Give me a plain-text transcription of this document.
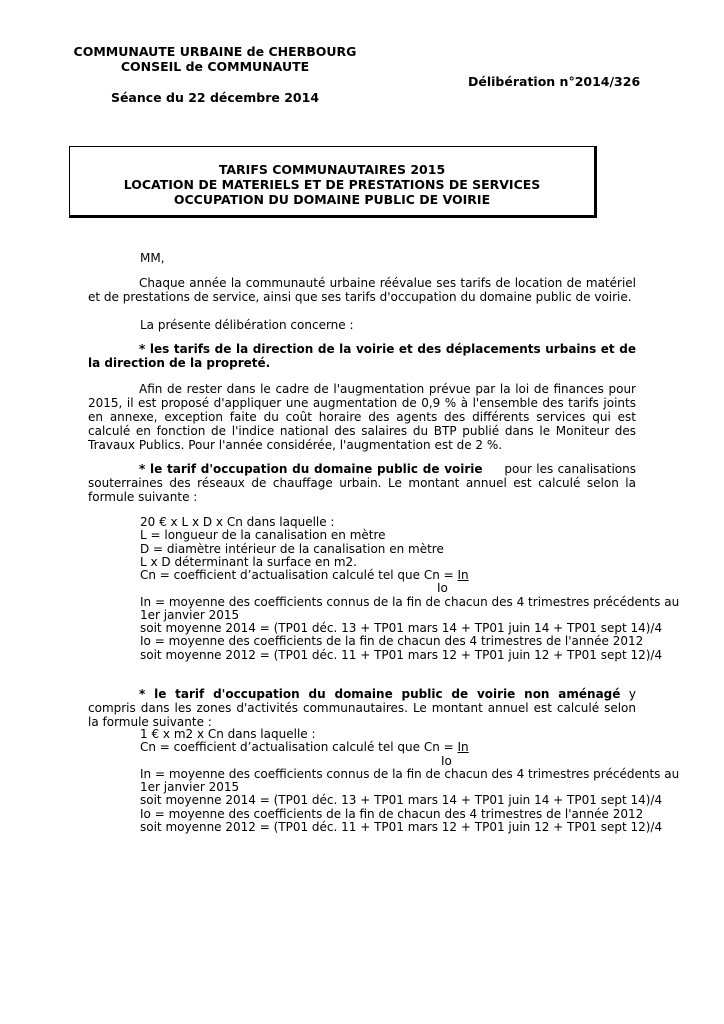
COMMUNAUTE URBAINE de CHERBOURG
CONSEIL de COMMUNAUTE
Délibération n°2014/326
Séance du 22 décembre 2014
TARIFS COMMUNAUTAIRES 2015
LOCATION DE MATERIELS ET DE PRESTATIONS DE SERVICES
OCCUPATION DU DOMAINE PUBLIC DE VOIRIE
MM,
Chaque année la communauté urbaine réévalue ses tarifs de location de matériel et de prestations de service, ainsi que ses tarifs d'occupation du domaine public de voirie.
La présente délibération concerne :
* les tarifs de la direction de la voirie et des déplacements urbains et de la direction de la propreté.
Afin de rester dans le cadre de l'augmentation prévue par la loi de finances pour 2015, il est proposé d'appliquer une augmentation de 0,9 % à l'ensemble des tarifs joints en annexe, exception faite du coût horaire des agents des différents services qui est calculé en fonction de l'indice national des salaires du BTP publié dans le Moniteur des Travaux Publics. Pour l'année considérée, l'augmentation est de 2 %.
* le tarif d'occupation du domaine public de voirie pour les canalisations souterraines des réseaux de chauffage urbain. Le montant annuel est calculé selon la formule suivante :
20 € x L x D x Cn dans laquelle :
L = longueur de la canalisation en mètre
D = diamètre intérieur de la canalisation en mètre
L x D déterminant la surface en m2.
Cn = coefficient d’actualisation calculé tel que Cn = In
Io
In = moyenne des coefficients connus de la fin de chacun des 4 trimestres précédents au
1er janvier 2015
soit moyenne 2014 = (TP01 déc. 13 + TP01 mars 14 + TP01 juin 14 + TP01 sept 14)/4
Io = moyenne des coefficients de la fin de chacun des 4 trimestres de l'année 2012
soit moyenne 2012 = (TP01 déc. 11 + TP01 mars 12 + TP01 juin 12 + TP01 sept 12)/4
* le tarif d'occupation du domaine public de voirie non aménagé y compris dans les zones d'activités communautaires. Le montant annuel est calculé selon la formule suivante :
1 € x m2 x Cn dans laquelle :
Cn = coefficient d’actualisation calculé tel que Cn = In
Io
In = moyenne des coefficients connus de la fin de chacun des 4 trimestres précédents au
1er janvier 2015
soit moyenne 2014 = (TP01 déc. 13 + TP01 mars 14 + TP01 juin 14 + TP01 sept 14)/4
Io = moyenne des coefficients de la fin de chacun des 4 trimestres de l'année 2012
soit moyenne 2012 = (TP01 déc. 11 + TP01 mars 12 + TP01 juin 12 + TP01 sept 12)/4
